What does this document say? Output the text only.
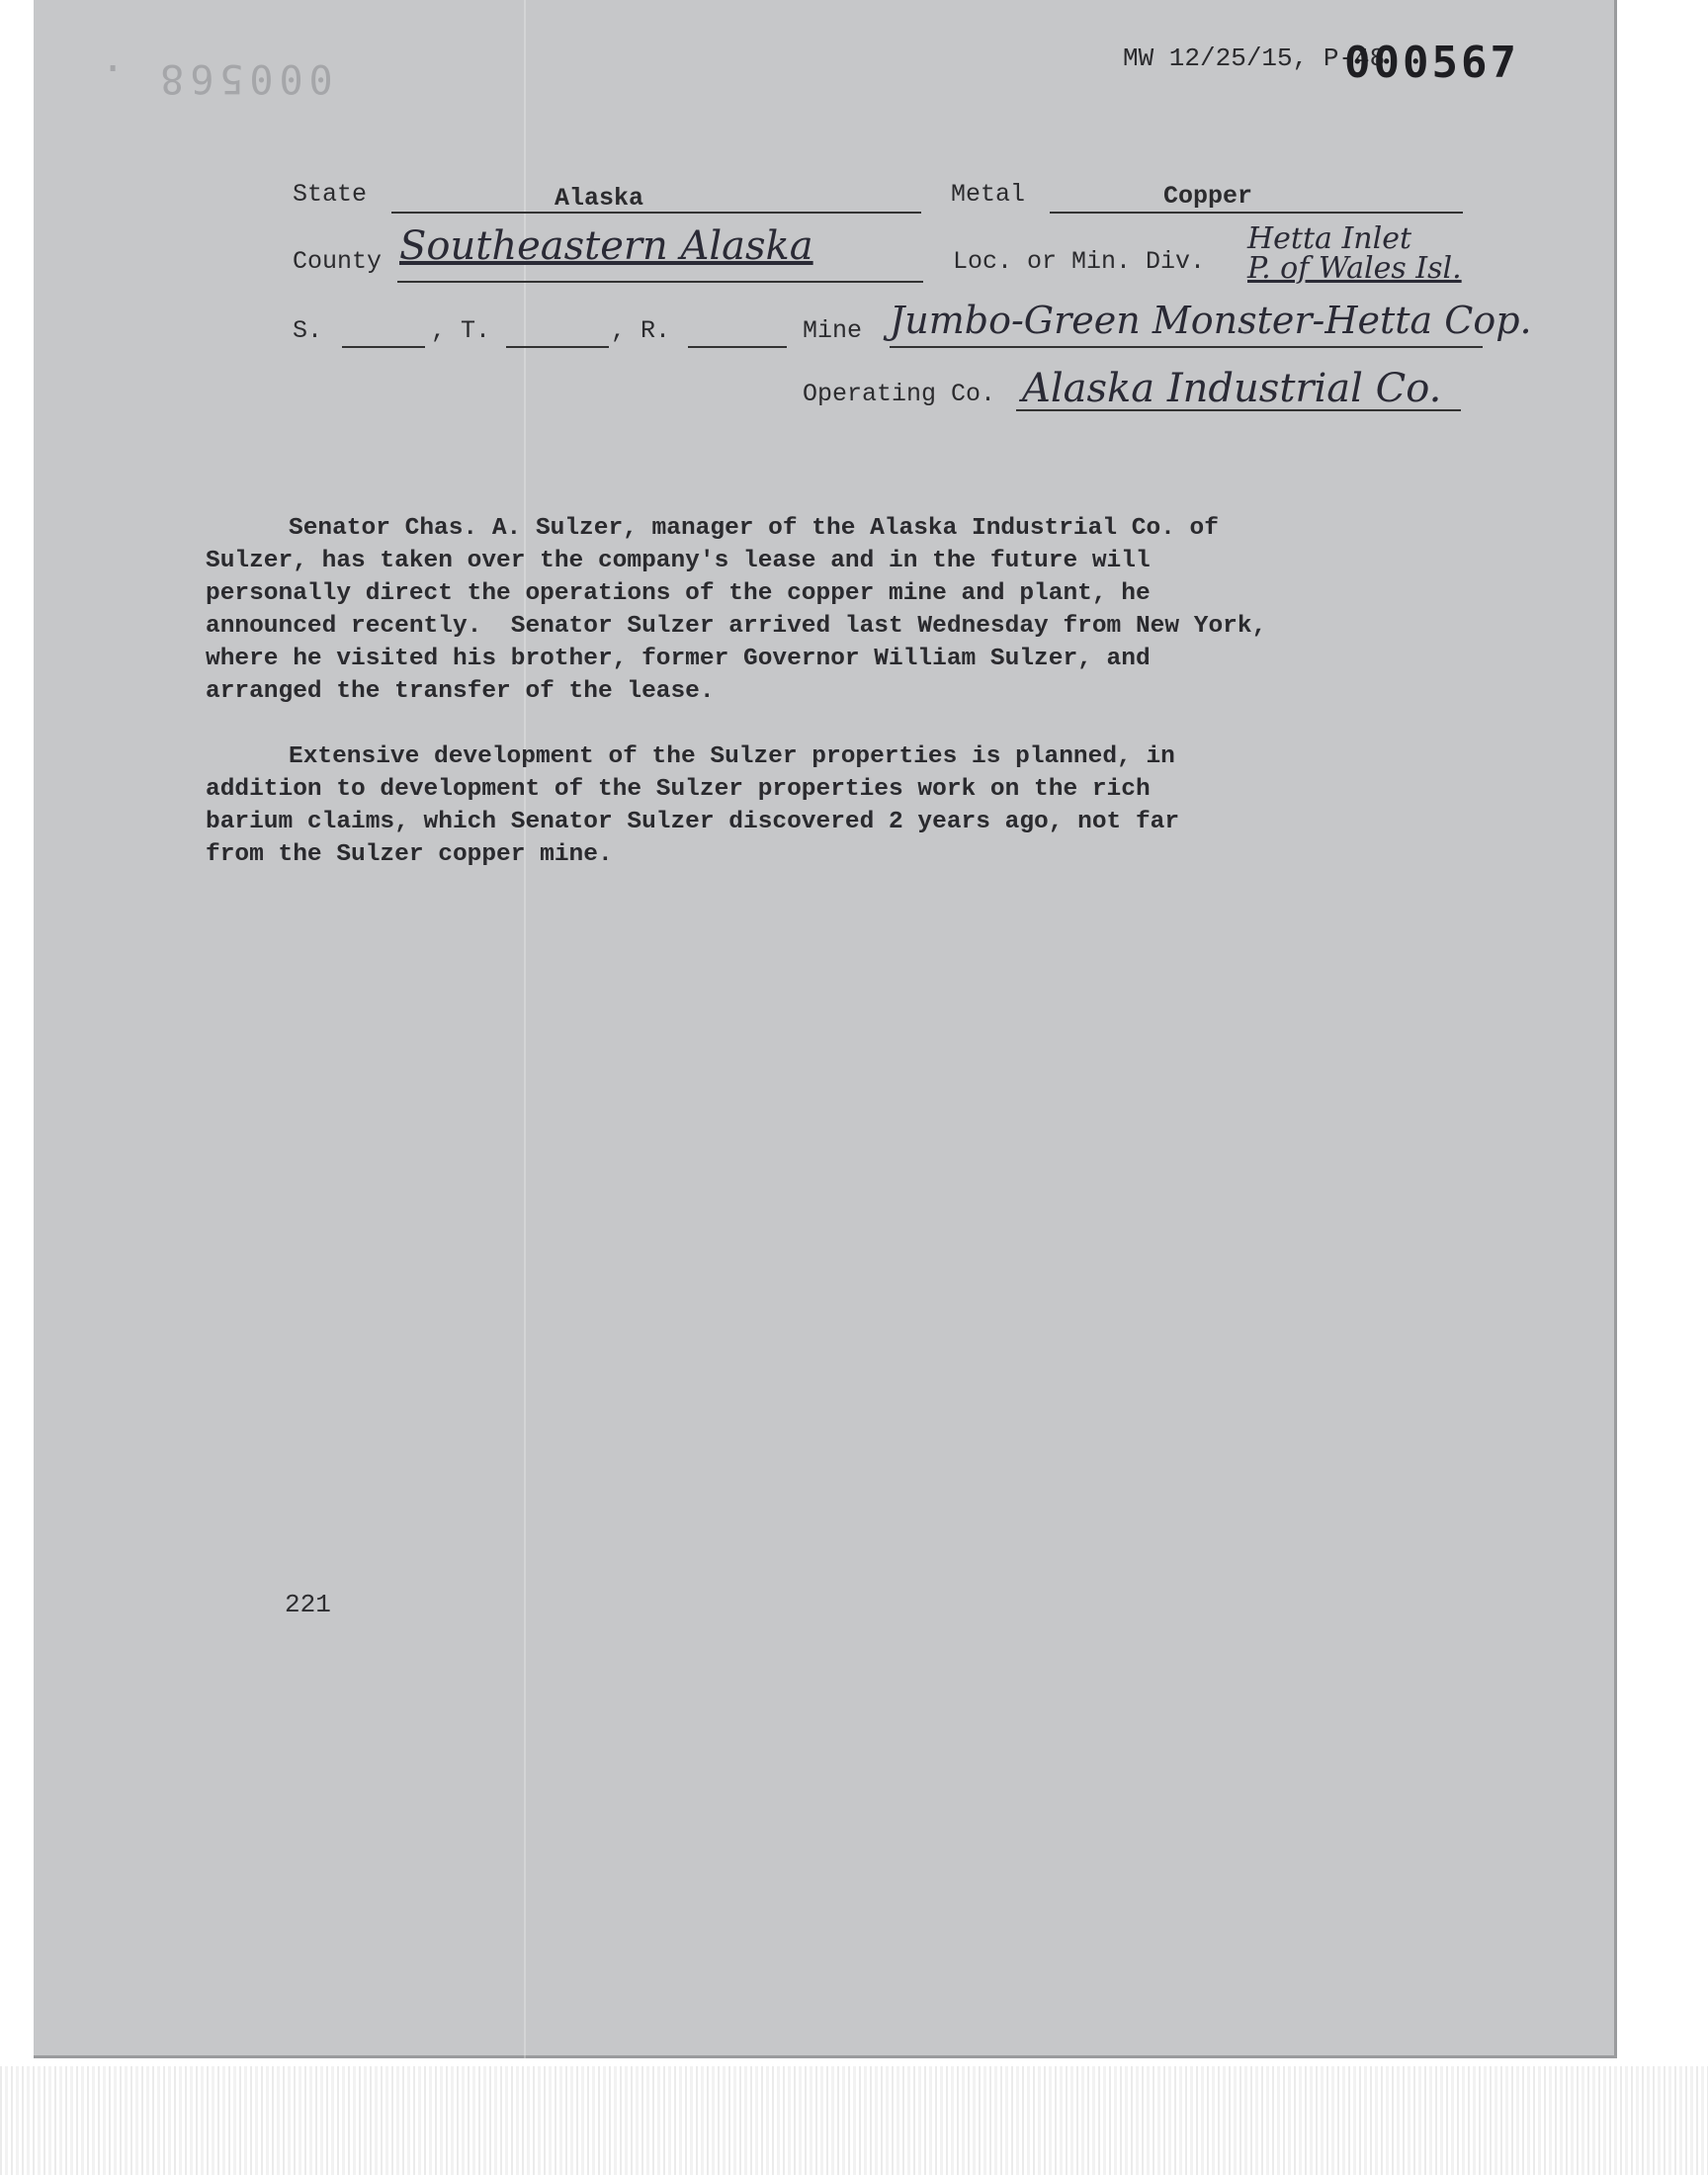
000568 .	MW 12/25/15, P-48
000567
State	Alaska	Metal	Copper
County Southeastern Alaska	Loc. or Min. Div.
Hetta Inlet
P. of Wales Isl.
S.	, T.	, R.	Mine Jumbo-Green Monster-Hetta Cop.
Operating Co. Alaska Industrial Co.

Senator Chas. A. Sulzer, manager of the Alaska Industrial Co. of
Sulzer, has taken over the company's lease and in the future will
personally direct the operations of the copper mine and plant, he
announced recently.  Senator Sulzer arrived last Wednesday from New York,
where he visited his brother, former Governor William Sulzer, and
arranged the transfer of the lease.

Extensive development of the Sulzer properties is planned, in
addition to development of the Sulzer properties work on the rich
barium claims, which Senator Sulzer discovered 2 years ago, not far
from the Sulzer copper mine.

221
